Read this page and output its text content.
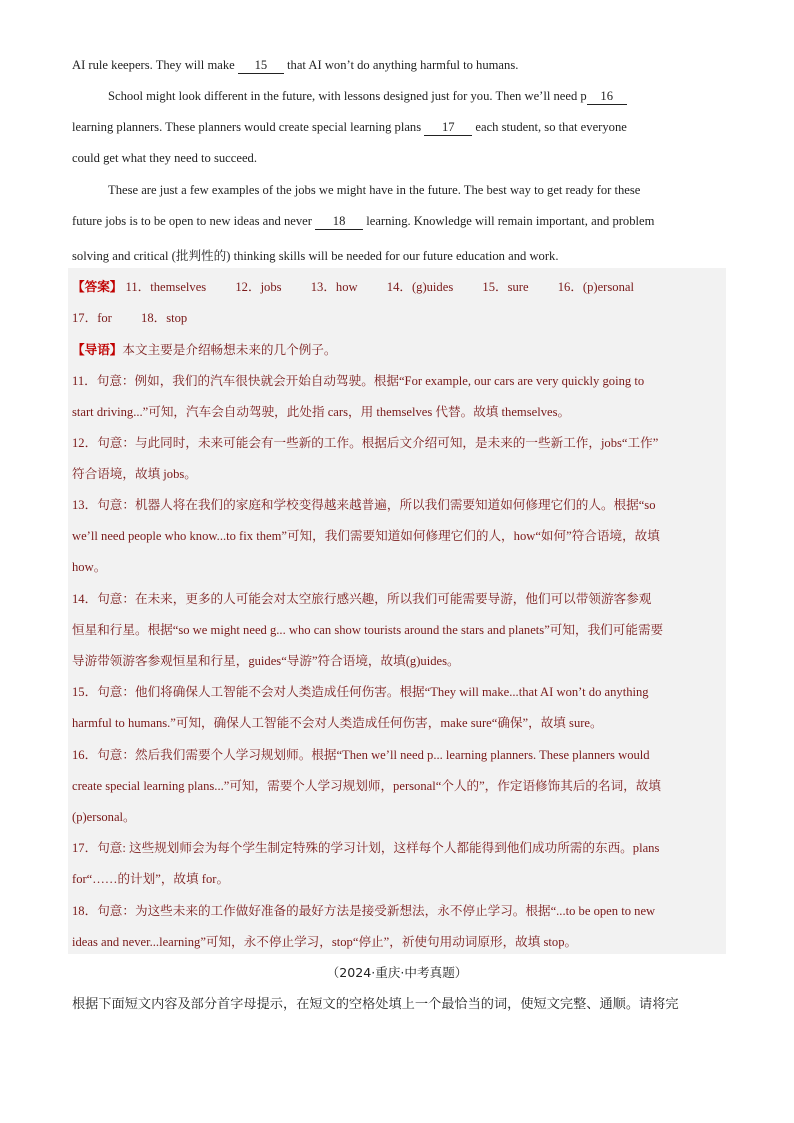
AI rule keepers. They will make 15 that AI won’t do anything harmful to humans.
School might look different in the future, with lessons designed just for you. Then we’ll need p 16
learning planners. These planners would create special learning plans 17 each student, so that everyone
could get what they need to succeed.
These are just a few examples of the jobs we might have in the future. The best way to get ready for these
future jobs is to be open to new ideas and never 18 learning. Knowledge will remain important, and problem
solving and critical (批判性的) thinking skills will be needed for our future education and work.
【答案】 11．themselves 12．jobs 13．how 14．(g)uides 15．sure 16．(p)ersonal
17．for 18．stop
【导语】本文主要是介绍畅想未来的几个例子。
11．句意：例如，我们的汽车很快就会开始自动驾驶。根据“For example, our cars are very quickly going to
start driving...”可知，汽车会自动驾驶，此处指 cars，用 themselves 代替。故填 themselves。
12．句意：与此同时，未来可能会有一些新的工作。根据后文介绍可知，是未来的一些新工作，jobs“工作”
符合语境，故填 jobs。
13．句意：机器人将在我们的家庭和学校变得越来越普遍，所以我们需要知道如何修理它们的人。根据“so
we’ll need people who know...to fix them”可知，我们需要知道如何修理它们的人，how“如何”符合语境，故填
how。
14．句意：在未来，更多的人可能会对太空旅行感兴趣，所以我们可能需要导游，他们可以带领游客参观
恒星和行星。根据“so we might need g... who can show tourists around the stars and planets”可知，我们可能需要
导游带领游客参观恒星和行星，guides“导游”符合语境，故填(g)uides。
15．句意：他们将确保人工智能不会对人类造成任何伤害。根据“They will make...that AI won’t do anything
harmful to humans.”可知，确保人工智能不会对人类造成任何伤害，make sure“确保”，故填 sure。
16．句意：然后我们需要个人学习规划师。根据“Then we’ll need p... learning planners. These planners would
create special learning plans...”可知，需要个人学习规划师，personal“个人的”，作定语修饰其后的名词，故填
(p)ersonal。
17．句意: 这些规划师会为每个学生制定特殊的学习计划，这样每个人都能得到他们成功所需的东西。plans
for“……的计划”，故填 for。
18．句意：为这些未来的工作做好准备的最好方法是接受新想法，永不停止学习。根据“...to be open to new
ideas and never...learning”可知，永不停止学习，stop“停止”，祈使句用动词原形，故填 stop。
（2024·重庆·中考真题）
根据下面短文内容及部分首字母提示，在短文的空格处填上一个最恰当的词，使短文完整、通顺。请将完
